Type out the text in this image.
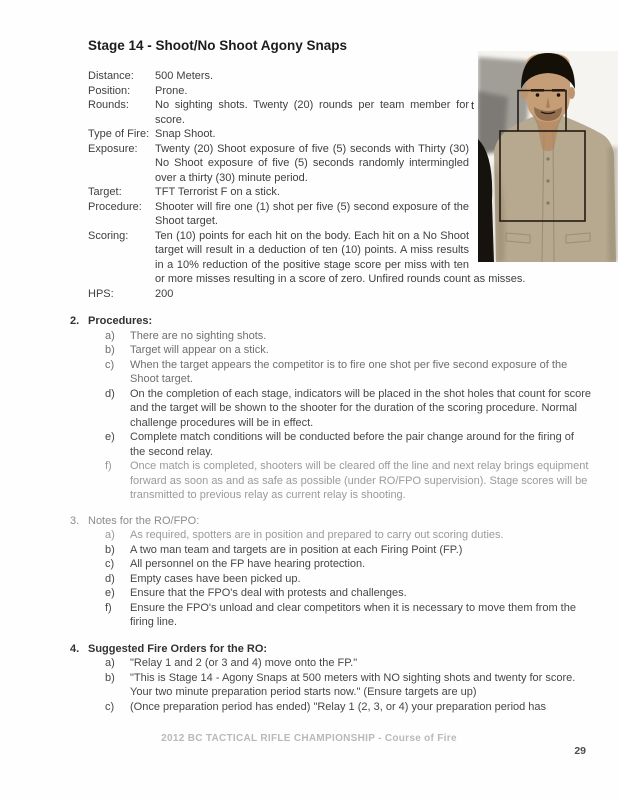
Stage 14 - Shoot/No Shoot Agony Snaps
Distance: 500 Meters.
Position: Prone.
Rounds: No sighting shots. Twenty (20) rounds per team member for score.
Type of Fire: Snap Shoot.
Exposure: Twenty (20) Shoot exposure of five (5) seconds with Thirty (30) No Shoot exposure of five (5) seconds randomly intermingled over a thirty (30) minute period.
Target:	TFT Terrorist F on a stick.
Procedure: Shooter will fire one (1) shot per five (5) second exposure of the Shoot target.
Scoring: Ten (10) points for each hit on the body. Each hit on a No Shoot target will result in a deduction of ten (10) points. A miss results in a 10% reduction of the positive stage score per miss with ten or more misses resulting in a score of zero. Unfired rounds count as misses.
HPS:	200
t
2. Procedures:
a) There are no sighting shots.
b) Target will appear on a stick.
c) When the target appears the competitor is to fire one shot per five second exposure of the Shoot target.
d) On the completion of each stage, indicators will be placed in the shot holes that count for score and the target will be shown to the shooter for the duration of the scoring procedure. Normal challenge procedures will be in effect.
e) Complete match conditions will be conducted before the pair change around for the firing of the second relay.
f) Once match is completed, shooters will be cleared off the line and next relay brings equipment forward as soon as and as safe as possible (under RO/FPO supervision). Stage scores will be transmitted to previous relay as current relay is shooting.
3. Notes for the RO/FPO:
a) As required, spotters are in position and prepared to carry out scoring duties.
b) A two man team and targets are in position at each Firing Point (FP.)
c) All personnel on the FP have hearing protection.
d) Empty cases have been picked up.
e) Ensure that the FPO's deal with protests and challenges.
f) Ensure the FPO's unload and clear competitors when it is necessary to move them from the firing line.
4. Suggested Fire Orders for the RO:
a) "Relay 1 and 2 (or 3 and 4) move onto the FP."
b) "This is Stage 14 - Agony Snaps at 500 meters with NO sighting shots and twenty for score. Your two minute preparation period starts now." (Ensure targets are up)
c) (Once preparation period has ended) "Relay 1 (2, 3, or 4) your preparation period has
2012 BC TACTICAL RIFLE CHAMPIONSHIP - Course of Fire
29
